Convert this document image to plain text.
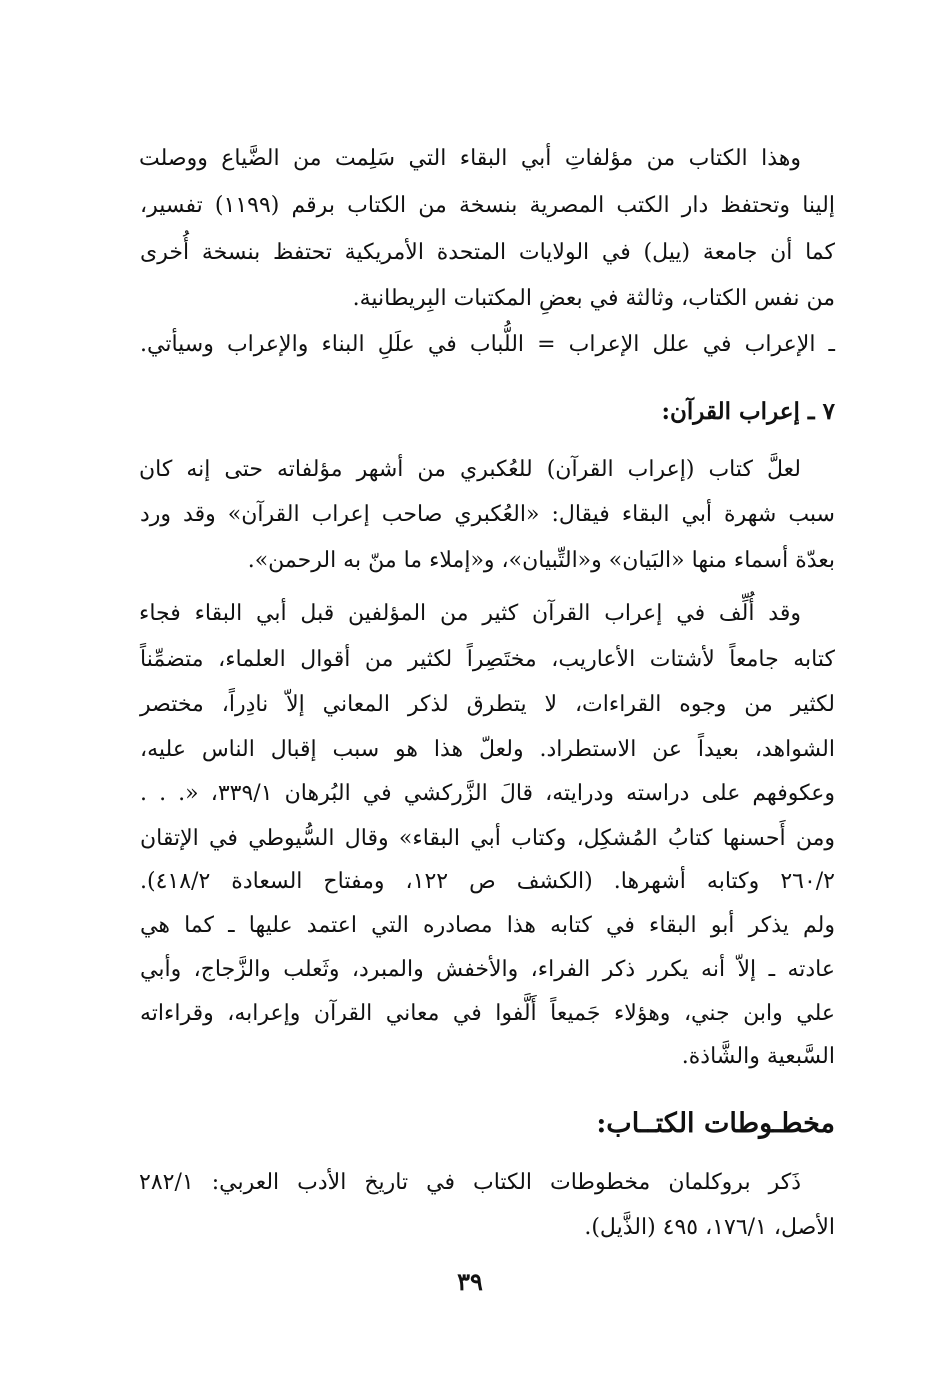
وهذا الكتاب من مؤلفاتِ أبي البقاء التي سَلِمت من الضَّياع ووصلت
إلينا وتحتفظ دار الكتب المصرية بنسخة من الكتاب برقم (١١٩٩) تفسير،
كما أن جامعة (ييل) في الولايات المتحدة الأمريكية تحتفظ بنسخة أُخرى
من نفس الكتاب، وثالثة في بعضِ المكتبات البِريطانية.
ـ الإعراب في علل الإعراب = اللُّباب في علَلِ البناء والإعراب وسيأتي.
٧ ـ إعراب القرآن:
لعلَّ كتاب (إعراب القرآن) للعُكبري من أشهر مؤلفاته حتى إنه كان
سبب شهرة أبي البقاء فيقال: «العُكبري صاحب إعراب القرآن» وقد ورد
بعدّة أسماء منها «البَيان» و«التِّبيان»، و«إملاء ما منّ به الرحمن».
وقد أُلِّف في إعراب القرآن كثير من المؤلفين قبل أبي البقاء فجاء
كتابه جامعاً لأشتات الأعاريب، مختَصِراً لكثير من أقوال العلماء، متضمِّناً
لكثير من وجوه القراءات، لا يتطرق لذكر المعاني إلاّ نادِراً، مختصر
الشواهد، بعيداً عن الاستطراد. ولعلّ هذا هو سبب إقبال الناس عليه،
وعكوفهم على دراسته ودرايته، قالَ الزَّركشي في البُرهان ٣٣٩/١، «. . .
ومن أَحسنها كتابُ المُشكِل، وكتاب أبي البقاء» وقال السُّيوطي في الإتقان
٢٦٠/٢ وكتابه أشهرها. (الكشف ص ١٢٢، ومفتاح السعادة ٤١٨/٢).
ولم يذكر أبو البقاء في كتابه هذا مصادره التي اعتمد عليها ـ كما هي
عادته ـ إلاّ أنه يكرر ذكر الفراء، والأخفش والمبرد، وثَعلب والزَّجاج، وأبي
علي وابن جني، وهؤلاء جَميعاً أَلَّفوا في معاني القرآن وإعرابه، وقراءاته
السَّبعية والشَّاذة.
مخطـوطات الكتــاب:
ذَكر بروكلمان مخطوطات الكتاب في تاريخ الأدب العربي: ٢٨٢/١
الأصل، ١٧٦/١، ٤٩٥ (الذَّيل).
٣٩
